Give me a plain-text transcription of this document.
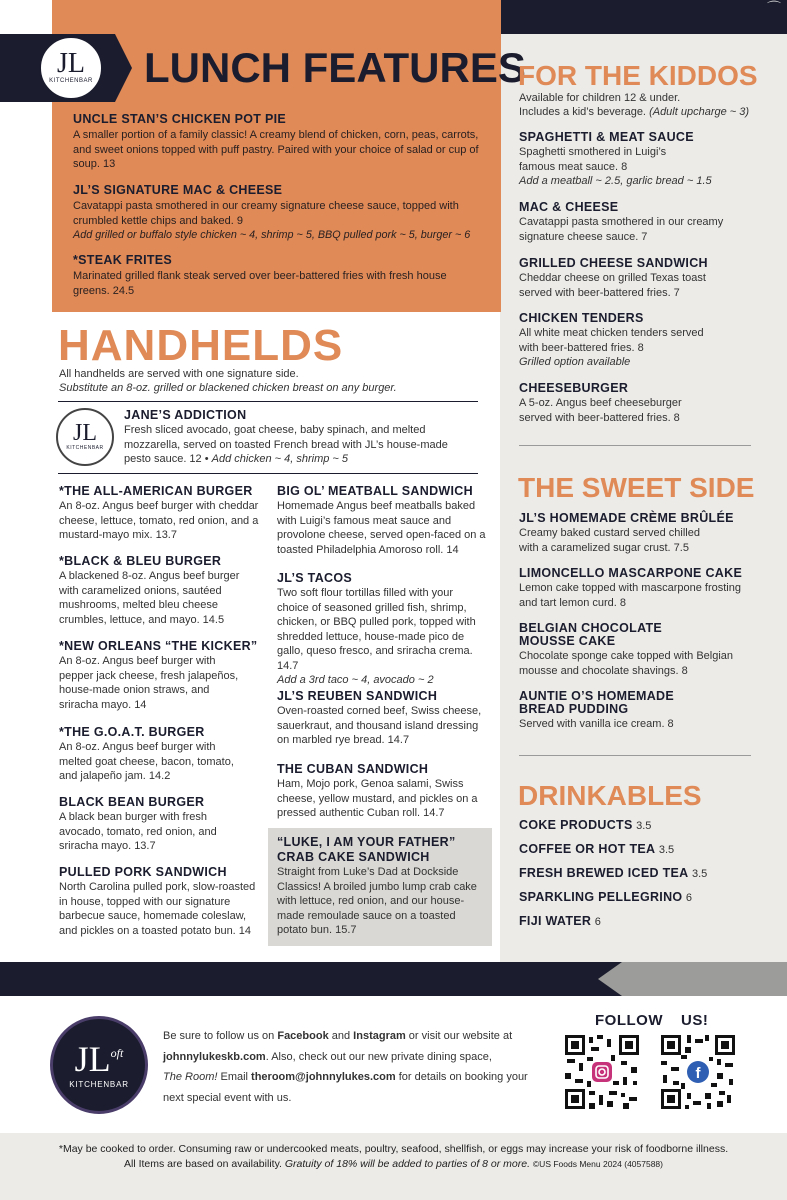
⌒
UNCLE STAN’S CHICKEN POT PIE
A smaller portion of a family classic! A creamy blend of chicken, corn, peas, carrots, and sweet onions topped with puff pastry. Paired with your choice of salad or cup of soup. 13
JL’S SIGNATURE MAC & CHEESE
Cavatappi pasta smothered in our creamy signature cheese sauce, topped with crumbled kettle chips and baked. 9
Add grilled or buffalo style chicken ~ 4, shrimp ~ 5, BBQ pulled pork ~ 5, burger ~ 6
*STEAK FRITES
Marinated grilled flank steak served over beer-battered fries with fresh house greens. 24.5
JL
KITCHENBAR LUNCH FEATURES
HANDHELDS
All handhelds are served with one signature side.
Substitute an 8-oz. grilled or blackened chicken breast on any burger.
JL
KITCHENBAR
JANE’S ADDICTION
Fresh sliced avocado, goat cheese, baby spinach, and melted mozzarella, served on toasted French bread with JL’s house-made pesto sauce. 12 • Add chicken ~ 4, shrimp ~ 5
*THE ALL-AMERICAN BURGER
An 8-oz. Angus beef burger with cheddar cheese, lettuce, tomato, red onion, and a mustard-mayo mix. 13.7
*BLACK & BLEU BURGER
A blackened 8-oz. Angus beef burger with caramelized onions, sautéed mushrooms, melted bleu cheese crumbles, lettuce, and mayo. 14.5
*NEW ORLEANS “THE KICKER”
An 8-oz. Angus beef burger with pepper jack cheese, fresh jalapeños, house-made onion straws, and sriracha mayo. 14
*THE G.O.A.T. BURGER
An 8-oz. Angus beef burger with melted goat cheese, bacon, tomato, and jalapeño jam. 14.2
BLACK BEAN BURGER
A black bean burger with fresh avocado, tomato, red onion, and sriracha mayo. 13.7
PULLED PORK SANDWICH
North Carolina pulled pork, slow-roasted in house, topped with our signature barbecue sauce, homemade coleslaw, and pickles on a toasted potato bun. 14
BIG OL’ MEATBALL SANDWICH
Homemade Angus beef meatballs baked with Luigi’s famous meat sauce and provolone cheese, served open-faced on a toasted Philadelphia Amoroso roll. 14
JL’S TACOS
Two soft flour tortillas filled with your choice of seasoned grilled fish, shrimp, chicken, or BBQ pulled pork, topped with shredded lettuce, house-made pico de gallo, queso fresco, and sriracha crema. 14.7
Add a 3rd taco ~ 4, avocado ~ 2
JL’S REUBEN SANDWICH
Oven-roasted corned beef, Swiss cheese, sauerkraut, and thousand island dressing on marbled rye bread. 14.7
THE CUBAN SANDWICH
Ham, Mojo pork, Genoa salami, Swiss cheese, yellow mustard, and pickles on a pressed authentic Cuban roll. 14.7
“LUKE, I AM YOUR FATHER”
CRAB CAKE SANDWICH
Straight from Luke’s Dad at Dockside Classics! A broiled jumbo lump crab cake with lettuce, red onion, and our house-made remoulade sauce on a toasted potato bun. 15.7
FOR THE KIDDOS
Available for children 12 & under.
Includes a kid’s beverage. (Adult upcharge ~ 3)
SPAGHETTI & MEAT SAUCE
Spaghetti smothered in Luigi’s famous meat sauce. 8
Add a meatball ~ 2.5, garlic bread ~ 1.5
MAC & CHEESE
Cavatappi pasta smothered in our creamy signature cheese sauce. 7
GRILLED CHEESE SANDWICH
Cheddar cheese on grilled Texas toast served with beer-battered fries. 7
CHICKEN TENDERS
All white meat chicken tenders served with beer-battered fries. 8
Grilled option available
CHEESEBURGER
A 5-oz. Angus beef cheeseburger served with beer-battered fries. 8
THE SWEET SIDE
JL’S HOMEMADE CRÈME BRÛLÉE
Creamy baked custard served chilled with a caramelized sugar crust. 7.5
LIMONCELLO MASCARPONE CAKE
Lemon cake topped with mascarpone frosting and tart lemon curd. 8
BELGIAN CHOCOLATE
MOUSSE CAKE
Chocolate sponge cake topped with Belgian mousse and chocolate shavings. 8
AUNTIE O’S HOMEMADE
BREAD PUDDING
Served with vanilla ice cream. 8
DRINKABLES
COKE PRODUCTS 3.5
COFFEE OR HOT TEA 3.5
FRESH BREWED ICED TEA 3.5
SPARKLING PELLEGRINO 6
FIJI WATER 6
JL oft
KITCHENBAR
Be sure to follow us on Facebook and Instagram or visit our website at
johnnylukeskb.com. Also, check out our new private dining space,
The Room! Email theroom@johnnylukes.com for details on booking your
next special event with us.
FOLLOW US!
f
*May be cooked to order. Consuming raw or undercooked meats, poultry, seafood, shellfish, or eggs may increase your risk of foodborne illness.
All Items are based on availability. Gratuity of 18% will be added to parties of 8 or more. ©US Foods Menu 2024 (4057588)
